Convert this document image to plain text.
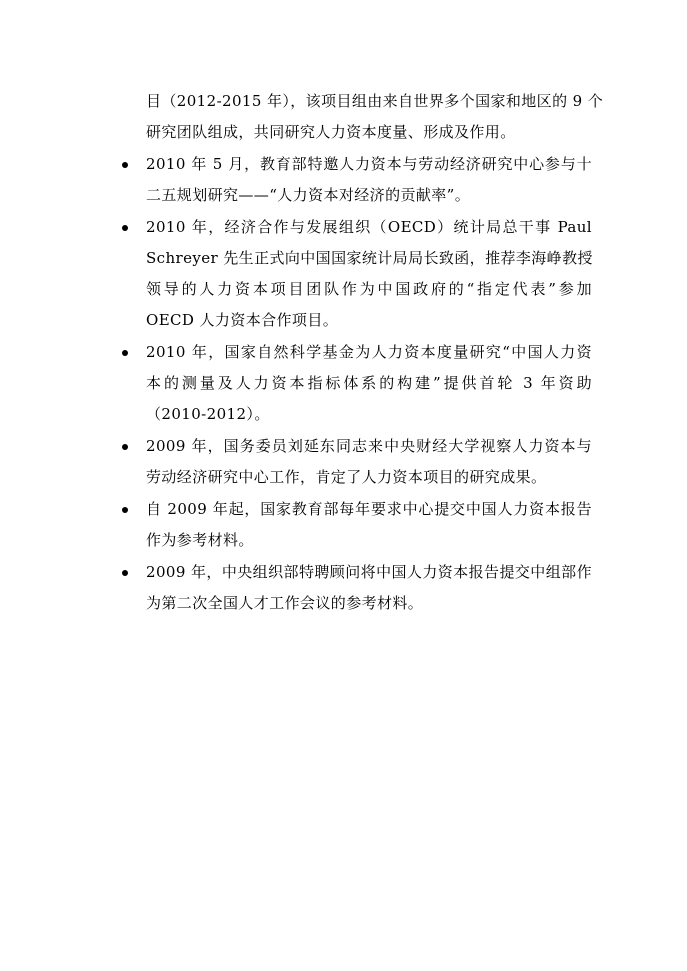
目（2012-2015 年），该项目组由来自世界多个国家和地区的 9 个
研究团队组成，共同研究人力资本度量、形成及作用。
2010 年 5 月，教育部特邀人力资本与劳动经济研究中心参与十
二五规划研究——“人力资本对经济的贡献率”。
2010 年，经济合作与发展组织（OECD）统计局总干事 Paul
Schreyer 先生正式向中国国家统计局局长致函，推荐李海峥教授
领导的人力资本项目团队作为中国政府的“指定代表”参加
OECD 人力资本合作项目。
2010 年，国家自然科学基金为人力资本度量研究“中国人力资
本的测量及人力资本指标体系的构建”提供首轮 3 年资助
（2010-2012）。
2009 年，国务委员刘延东同志来中央财经大学视察人力资本与
劳动经济研究中心工作，肯定了人力资本项目的研究成果。
自 2009 年起，国家教育部每年要求中心提交中国人力资本报告
作为参考材料。
2009 年，中央组织部特聘顾问将中国人力资本报告提交中组部作
为第二次全国人才工作会议的参考材料。
